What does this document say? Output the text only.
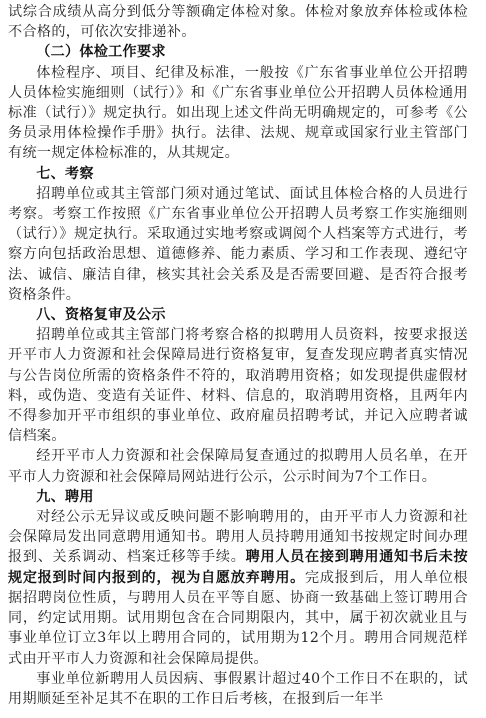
试综合成绩从高分到低分等额确定体检对象。体检对象放弃体检或体检不合格的，可依次安排递补。

（二）体检工作要求

体检程序、项目、纪律及标准，一般按《广东省事业单位公开招聘人员体检实施细则（试行）》和《广东省事业单位公开招聘人员体检通用标准（试行）》规定执行。如出现上述文件尚无明确规定的，可参考《公务员录用体检操作手册》执行。法律、法规、规章或国家行业主管部门有统一规定体检标准的，从其规定。

七、考察

招聘单位或其主管部门须对通过笔试、面试且体检合格的人员进行考察。考察工作按照《广东省事业单位公开招聘人员考察工作实施细则（试行）》规定执行。采取通过实地考察或调阅个人档案等方式进行，考察方向包括政治思想、道德修养、能力素质、学习和工作表现、遵纪守法、诚信、廉洁自律，核实其社会关系及是否需要回避、是否符合报考资格条件。

八、资格复审及公示

招聘单位或其主管部门将考察合格的拟聘用人员资料，按要求报送开平市人力资源和社会保障局进行资格复审，复查发现应聘者真实情况与公告岗位所需的资格条件不符的，取消聘用资格；如发现提供虚假材料，或伪造、变造有关证件、材料、信息的，取消聘用资格，且两年内不得参加开平市组织的事业单位、政府雇员招聘考试，并记入应聘者诚信档案。

经开平市人力资源和社会保障局复查通过的拟聘用人员名单，在开平市人力资源和社会保障局网站进行公示，公示时间为7个工作日。

九、聘用

对经公示无异议或反映问题不影响聘用的，由开平市人力资源和社会保障局发出同意聘用通知书。聘用人员持聘用通知书按规定时间办理报到、关系调动、档案迁移等手续。聘用人员在接到聘用通知书后未按规定报到时间内报到的，视为自愿放弃聘用。完成报到后，用人单位根据招聘岗位性质，与聘用人员在平等自愿、协商一致基础上签订聘用合同，约定试用期。试用期包含在合同期限内，其中，属于初次就业且与事业单位订立3年以上聘用合同的，试用期为12个月。聘用合同规范样式由开平市人力资源和社会保障局提供。

事业单位新聘用人员因病、事假累计超过40个工作日不在职的，试用期顺延至补足其不在职的工作日后考核，在报到后一年半
